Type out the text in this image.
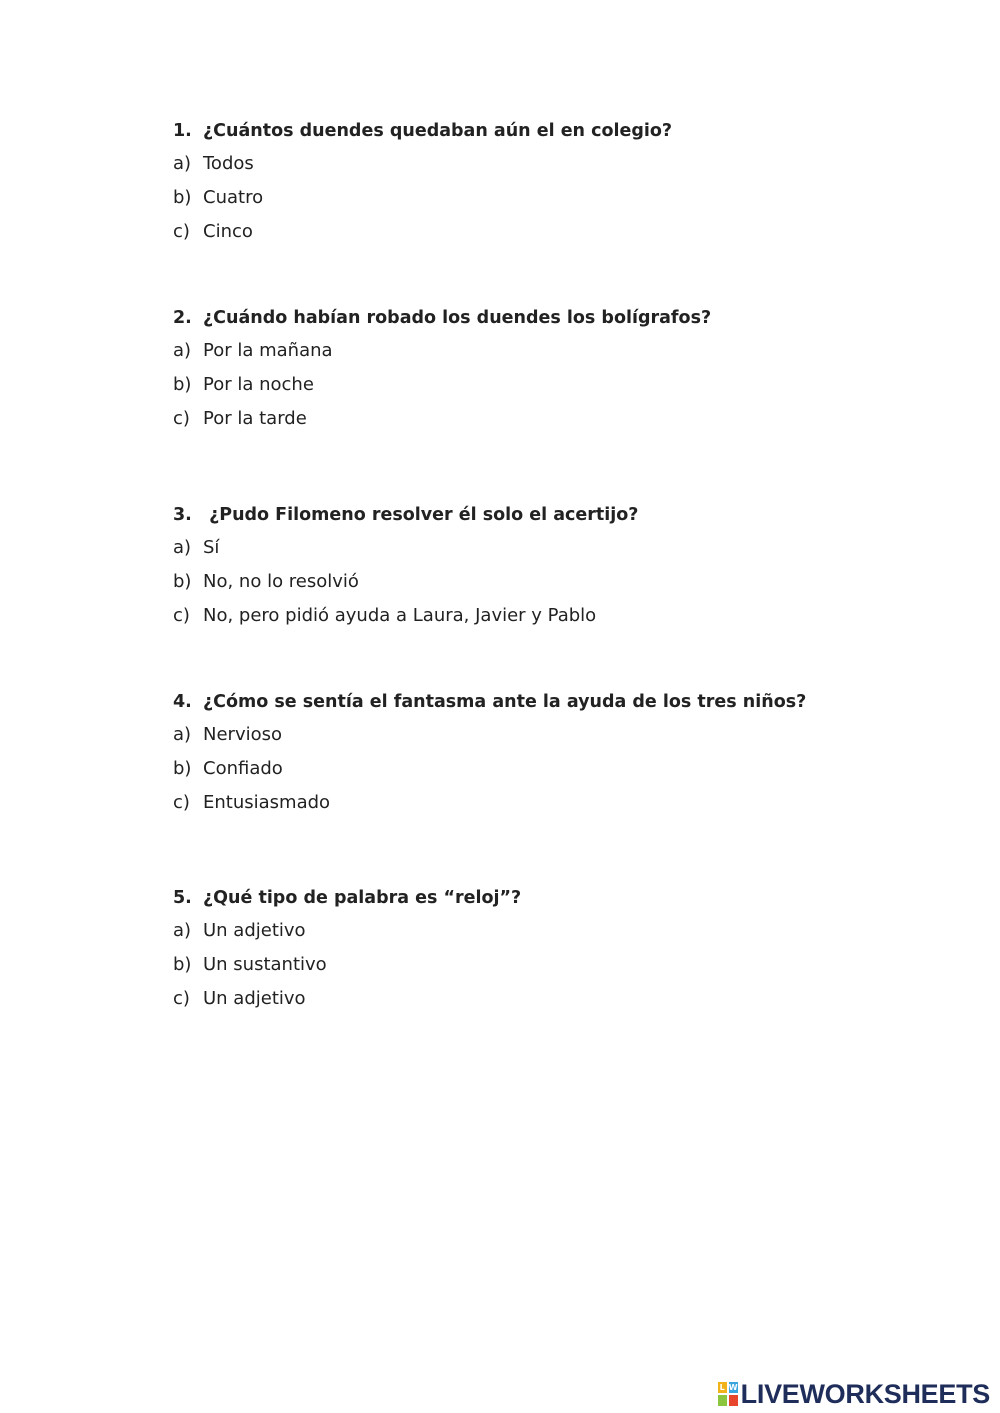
1. ¿Cuántos duendes quedaban aún el en colegio?
a) Todos
b) Cuatro
c) Cinco
2. ¿Cuándo habían robado los duendes los bolígrafos?
a) Por la mañana
b) Por la noche
c) Por la tarde
3. ¿Pudo Filomeno resolver él solo el acertijo?
a) Sí
b) No, no lo resolvió
c) No, pero pidió ayuda a Laura, Javier y Pablo
4. ¿Cómo se sentía el fantasma ante la ayuda de los tres niños?
a) Nervioso
b) Confiado
c) Entusiasmado
5. ¿Qué tipo de palabra es “reloj”?
a) Un adjetivo
b) Un sustantivo
c) Un adjetivo
L W LIVEWORKSHEETS
